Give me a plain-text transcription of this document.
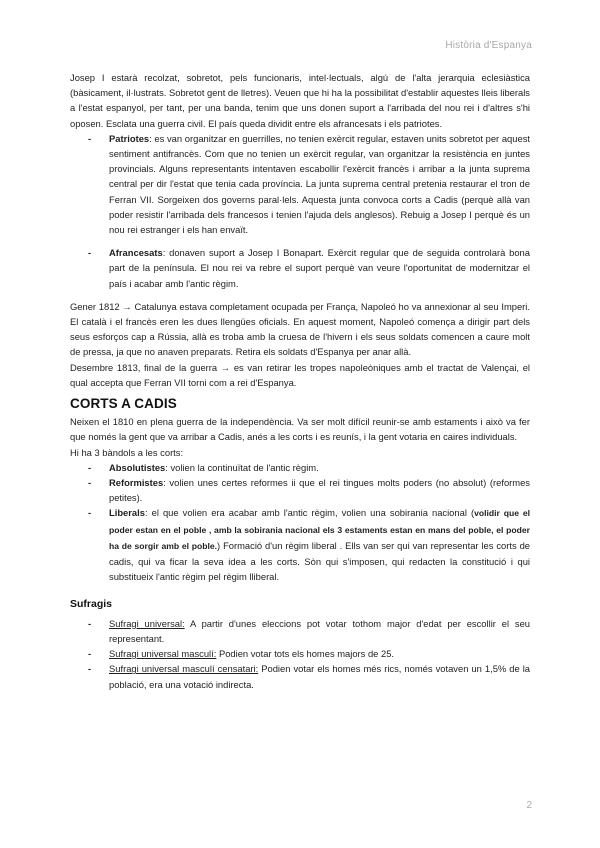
Història d'Espanya

Josep I estarà recolzat, sobretot, pels funcionaris, intel·lectuals, algú de l'alta jerarquia eclesiàstica (bàsicament, il·lustrats. Sobretot gent de lletres). Veuen que hi ha la possibilitat d'establir aquestes lleis liberals a l'estat espanyol, per tant, per una banda, tenim que uns donen suport a l'arribada del nou rei i d'altres s'hi oposen. Esclata una guerra civil. El país queda dividit entre els afrancesats i els patriotes.

- Patriotes: es van organitzar en guerrilles, no tenien exèrcit regular, estaven units sobretot per aquest sentiment antifrancès. Com que no tenien un exèrcit regular, van organitzar la resistència en juntes provincials. Alguns representants intentaven escabollir l'exèrcit francès i arribar a la junta suprema central per dir l'estat que tenia cada província. La junta suprema central pretenia restaurar el tron de Ferran VII. Sorgeixen dos governs paral·lels. Aquesta junta convoca corts a Cadis (perquè allà van poder resistir l'arribada dels francesos i tenien l'ajuda dels anglesos). Rebuig a Josep I perquè és un nou rei estranger i els han envaït.
- Afrancesats: donaven suport a Josep I Bonapart. Exèrcit regular que de seguida controlarà bona part de la península. El nou rei va rebre el suport perquè van veure l'oportunitat de modernitzar el país i acabar amb l'antic règim.

Gener 1812 → Catalunya estava completament ocupada per França, Napoleó ho va annexionar al seu Imperi. El català i el francès eren les dues llengües oficials. En aquest moment, Napoleó comença a dirigir part dels seus esforços cap a Rússia, allà es troba amb la cruesa de l'hivern i els seus soldats comencen a caure molt de pressa, ja que no anaven preparats. Retira els soldats d'Espanya per anar allà.

Desembre 1813, final de la guerra → es van retirar les tropes napoleòniques amb el tractat de Valençai, el qual accepta que Ferran VII torni com a rei d'Espanya.

CORTS A CADIS

Neixen el 1810 en plena guerra de la independència. Va ser molt difícil reunir-se amb estaments i això va fer que només la gent que va arribar a Cadis, anés a les corts i es reunís, i la gent votaria en caires individuals.

Hi ha 3 bàndols a les corts:

- Absolutistes: volien la continuïtat de l'antic règim.
- Reformistes: volien unes certes reformes ii que el rei tingues molts poders (no absolut) (reformes petites).
- Liberals: el que volien era acabar amb l'antic règim, volien una sobirania nacional (volidir que el poder estan en el poble , amb la sobirania nacional els 3 estaments estan en mans del poble, el poder ha de sorgir amb el poble.) Formació d'un règim liberal . Ells van ser qui van representar les corts de cadis, qui va ficar la seva idea a les corts. Sòn qui s'imposen, qui redacten la constitució i qui substitueix l'antic règim pel règim lliberal.
Sufragis
- Sufragi universal: A partir d'unes eleccions pot votar tothom major d'edat per escollir el seu representant.
- Sufragi universal masculí: Podien votar tots els homes majors de 25.
- Sufragi universal masculí censatari: Podien votar els homes més rics, només votaven un 1,5% de la població, era una votació indirecta.
2
